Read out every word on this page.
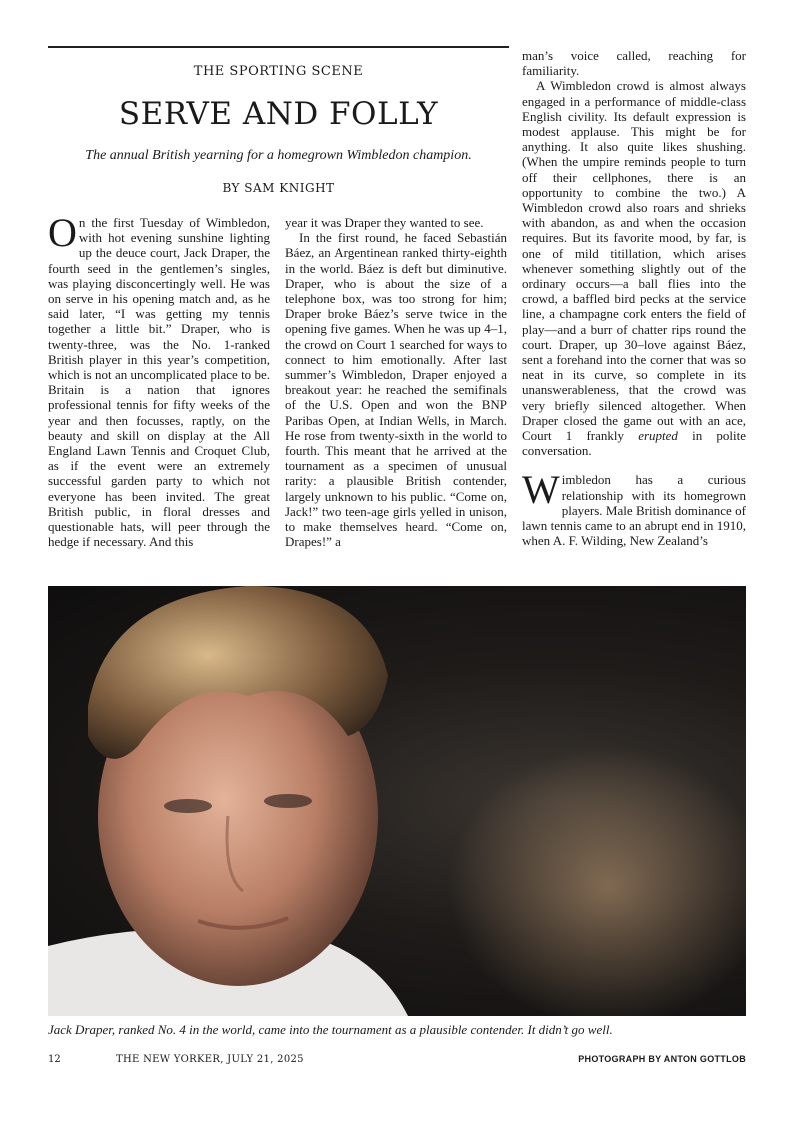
THE SPORTING SCENE
SERVE AND FOLLY
The annual British yearning for a homegrown Wimbledon champion.
BY SAM KNIGHT

On the first Tuesday of Wimbledon, with hot evening sunshine lighting up the deuce court, Jack Draper, the fourth seed in the gentlemen’s singles, was playing disconcertingly well. He was on serve in his opening match and, as he said later, “I was getting my tennis together a little bit.” Draper, who is twenty-three, was the No. 1-ranked British player in this year’s competition, which is not an uncomplicated place to be. Britain is a nation that ignores professional tennis for fifty weeks of the year and then focusses, raptly, on the beauty and skill on display at the All England Lawn Tennis and Croquet Club, as if the event were an extremely successful garden party to which not everyone has been invited. The great British public, in floral dresses and questionable hats, will peer through the hedge if necessary. And this

year it was Draper they wanted to see.

In the first round, he faced Sebastián Báez, an Argentinean ranked thirty-eighth in the world. Báez is deft but diminutive. Draper, who is about the size of a telephone box, was too strong for him; Draper broke Báez’s serve twice in the opening five games. When he was up 4–1, the crowd on Court 1 searched for ways to connect to him emotionally. After last summer’s Wimbledon, Draper enjoyed a breakout year: he reached the semifinals of the U.S. Open and won the BNP Paribas Open, at Indian Wells, in March. He rose from twenty-sixth in the world to fourth. This meant that he arrived at the tournament as a specimen of unusual rarity: a plausible British contender, largely unknown to his public. “Come on, Jack!” two teen-age girls yelled in unison, to make themselves heard. “Come on, Drapes!” a

man’s voice called, reaching for familiarity.

A Wimbledon crowd is almost always engaged in a performance of middle-class English civility. Its default expression is modest applause. This might be for anything. It also quite likes shushing. (When the umpire reminds people to turn off their cellphones, there is an opportunity to combine the two.) A Wimbledon crowd also roars and shrieks with abandon, as and when the occasion requires. But its favorite mood, by far, is one of mild titillation, which arises whenever something slightly out of the ordinary occurs—a ball flies into the crowd, a baffled bird pecks at the service line, a champagne cork enters the field of play—and a burr of chatter rips round the court. Draper, up 30–love against Báez, sent a forehand into the corner that was so neat in its curve, so complete in its unanswerableness, that the crowd was very briefly silenced altogether. When Draper closed the game out with an ace, Court 1 frankly erupted in polite conversation.

Wimbledon has a curious relationship with its homegrown players. Male British dominance of lawn tennis came to an abrupt end in 1910, when A. F. Wilding, New Zealand’s

Jack Draper, ranked No. 4 in the world, came into the tournament as a plausible contender. It didn’t go well.
12	THE NEW YORKER, JULY 21, 2025	PHOTOGRAPH BY ANTON GOTTLOB
